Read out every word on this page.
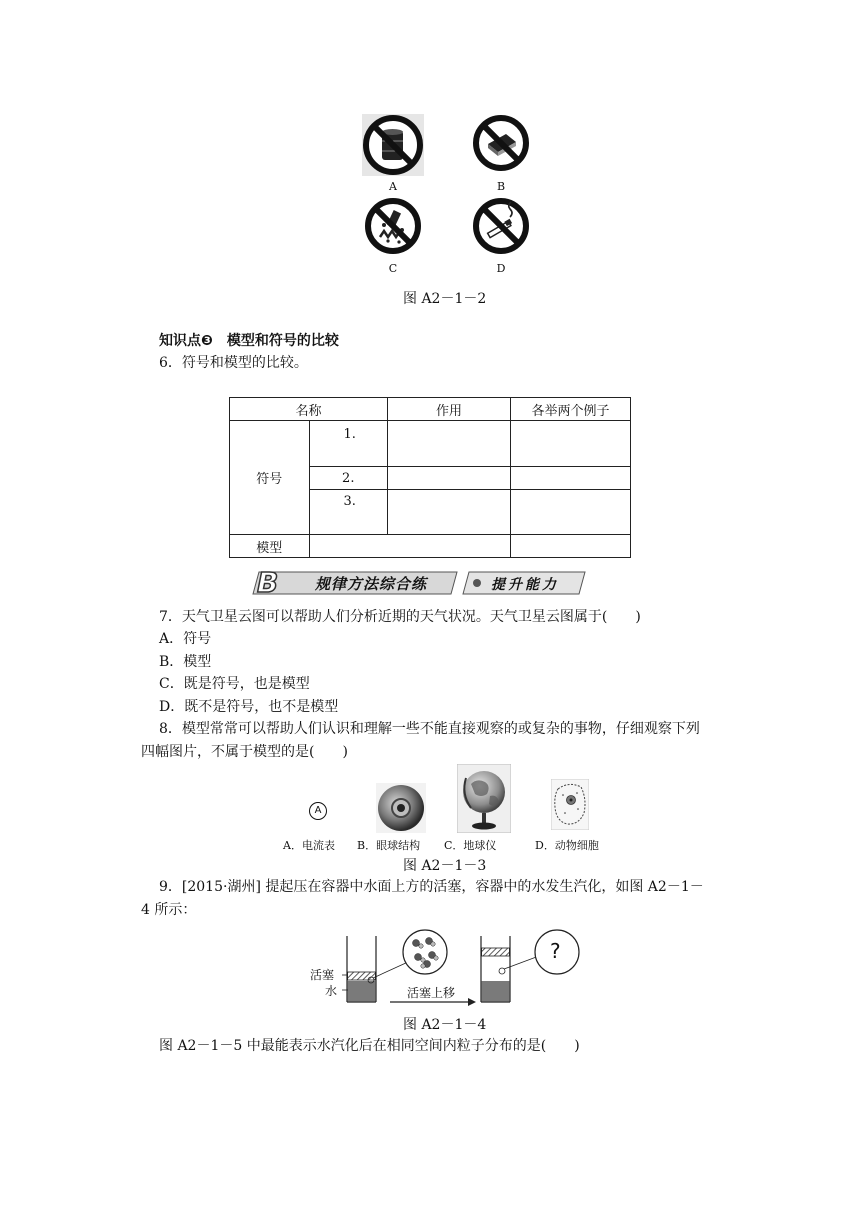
A	B
C	D
图 A2－1－2
知识点❸ 模型和符号的比较
6．符号和模型的比较。
名称		作用	各举两个例子
符号	1.		
	2.		
	3.		
模型			
B 规律方法综合练	提升能力
7．天气卫星云图可以帮助人们分析近期的天气状况。天气卫星云图属于(　　)
A．符号
B．模型
C．既是符号，也是模型
D．既不是符号，也不是模型
8．模型常常可以帮助人们认识和理解一些不能直接观察的或复杂的事物，仔细观察下列
四幅图片，不属于模型的是(　　)
A
A．电流表 B．眼球结构 C．地球仪	D．动物细胞
图 A2－1－3
9．[2015·湖州] 提起压在容器中水面上方的活塞，容器中的水发生汽化，如图 A2－1－
4 所示：
活塞
水	活塞上移
?
图 A2－1－4
图 A2－1－5 中最能表示水汽化后在相同空间内粒子分布的是(　　)
